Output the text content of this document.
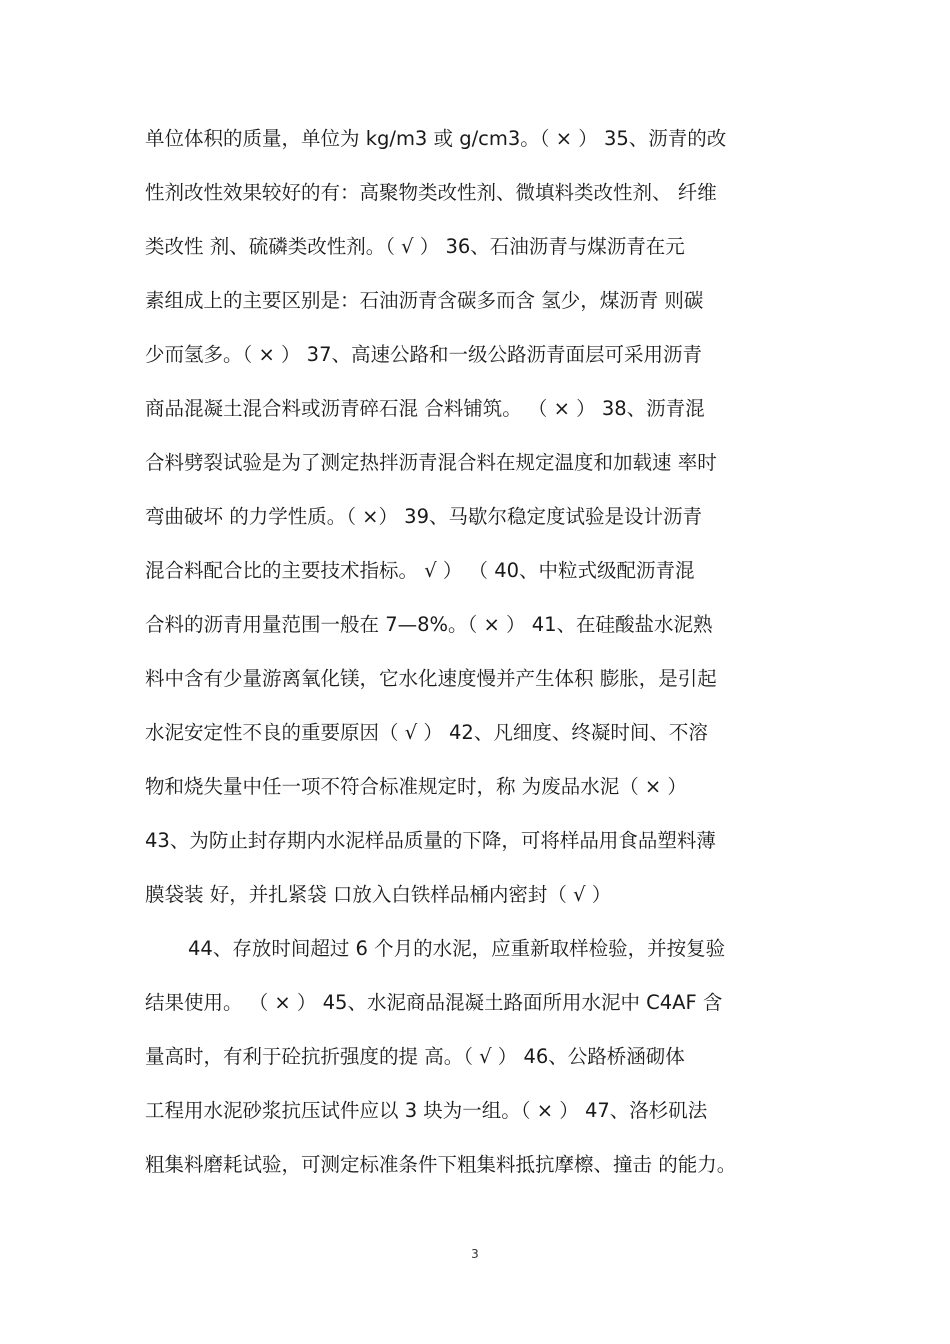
单位体积的质量，单位为 kg/m3 或 g/cm3。（ × ） 35、沥青的改
性剂改性效果较好的有：高聚物类改性剂、微填料类改性剂、 纤维
类改性 剂、硫磷类改性剂。（ √ ） 36、石油沥青与煤沥青在元
素组成上的主要区别是：石油沥青含碳多而含 氢少，煤沥青 则碳
少而氢多。（ × ） 37、高速公路和一级公路沥青面层可采用沥青
商品混凝土混合料或沥青碎石混 合料铺筑。 （ × ） 38、沥青混
合料劈裂试验是为了测定热拌沥青混合料在规定温度和加载速 率时
弯曲破坏 的力学性质。（ ×） 39、马歇尔稳定度试验是设计沥青
混合料配合比的主要技术指标。 √ ） （ 40、中粒式级配沥青混
合料的沥青用量范围一般在 7—8%。（ × ） 41、在硅酸盐水泥熟
料中含有少量游离氧化镁，它水化速度慢并产生体积 膨胀，是引起
水泥安定性不良的重要原因（ √ ） 42、凡细度、终凝时间、不溶
物和烧失量中任一项不符合标准规定时，称 为废品水泥（ × ）
43、为防止封存期内水泥样品质量的下降，可将样品用食品塑料薄
膜袋装 好，并扎紧袋 口放入白铁样品桶内密封（ √ ）
44、存放时间超过 6 个月的水泥，应重新取样检验，并按复验
结果使用。 （ × ） 45、水泥商品混凝土路面所用水泥中 C4AF 含
量高时，有利于砼抗折强度的提 高。（ √ ） 46、公路桥涵砌体
工程用水泥砂浆抗压试件应以 3 块为一组。（ × ） 47、洛杉矶法
粗集料磨耗试验，可测定标准条件下粗集料抵抗摩檫、撞击 的能力。
3
